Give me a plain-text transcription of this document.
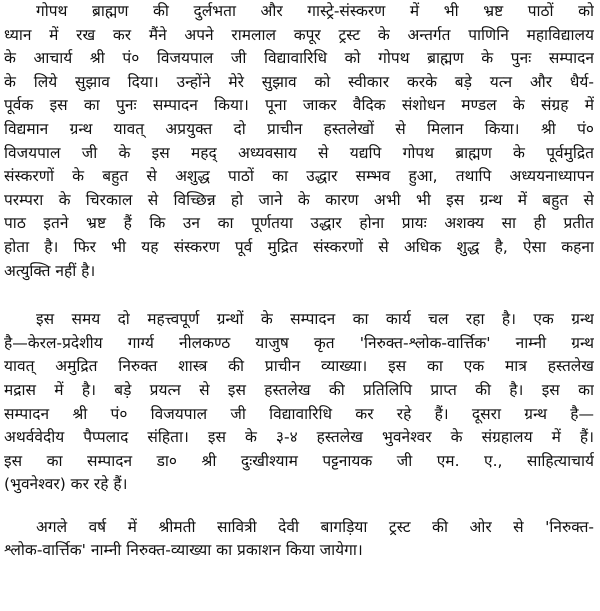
गोपथ ब्राह्मण की दुर्लभता और गास्ट्रे-संस्करण में भी भ्रष्ट पाठों को
ध्यान में रख कर मैंने अपने रामलाल कपूर ट्रस्ट के अन्तर्गत पाणिनि महाविद्यालय
के आचार्य श्री पं० विजयपाल जी विद्यावारिधि को गोपथ ब्राह्मण के पुनः सम्पादन
के लिये सुझाव दिया। उन्होंने मेरे सुझाव को स्वीकार करके बड़े यत्न और धैर्य-
पूर्वक इस का पुनः सम्पादन किया। पूना जाकर वैदिक संशोधन मण्डल के संग्रह में
विद्यमान ग्रन्थ यावत् अप्रयुक्त दो प्राचीन हस्तलेखों से मिलान किया। श्री पं०
विजयपाल जी के इस महद् अध्यवसाय से यद्यपि गोपथ ब्राह्मण के पूर्वमुद्रित
संस्करणों के बहुत से अशुद्ध पाठों का उद्धार सम्भव हुआ, तथापि अध्ययनाध्यापन
परम्परा के चिरकाल से विच्छिन्न हो जाने के कारण अभी भी इस ग्रन्थ में बहुत से
पाठ इतने भ्रष्ट हैं कि उन का पूर्णतया उद्धार होना प्रायः अशक्य सा ही प्रतीत
होता है। फिर भी यह संस्करण पूर्व मुद्रित संस्करणों से अधिक शुद्ध है, ऐसा कहना
अत्युक्ति नहीं है।
इस समय दो महत्त्वपूर्ण ग्रन्थों के सम्पादन का कार्य चल रहा है। एक ग्रन्थ
है—केरल-प्रदेशीय गार्ग्य नीलकण्ठ याजुष कृत 'निरुक्त-श्लोक-वार्त्तिक' नाम्नी ग्रन्थ
यावत् अमुद्रित निरुक्त शास्त्र की प्राचीन व्याख्या। इस का एक मात्र हस्तलेख
मद्रास में है। बड़े प्रयत्न से इस हस्तलेख की प्रतिलिपि प्राप्त की है। इस का
सम्पादन श्री पं० विजयपाल जी विद्यावारिधि कर रहे हैं। दूसरा ग्रन्थ है—
अथर्ववेदीय पैप्पलाद संहिता। इस के ३-४ हस्तलेख भुवनेश्वर के संग्रहालय में हैं।
इस का सम्पादन डा० श्री दुःखीश्याम पट्टनायक जी एम. ए., साहित्याचार्य
(भुवनेश्वर) कर रहे हैं।
अगले वर्ष में श्रीमती सावित्री देवी बागड़िया ट्रस्ट की ओर से 'निरुक्त-
श्लोक-वार्त्तिक' नाम्नी निरुक्त-व्याख्या का प्रकाशन किया जायेगा।
